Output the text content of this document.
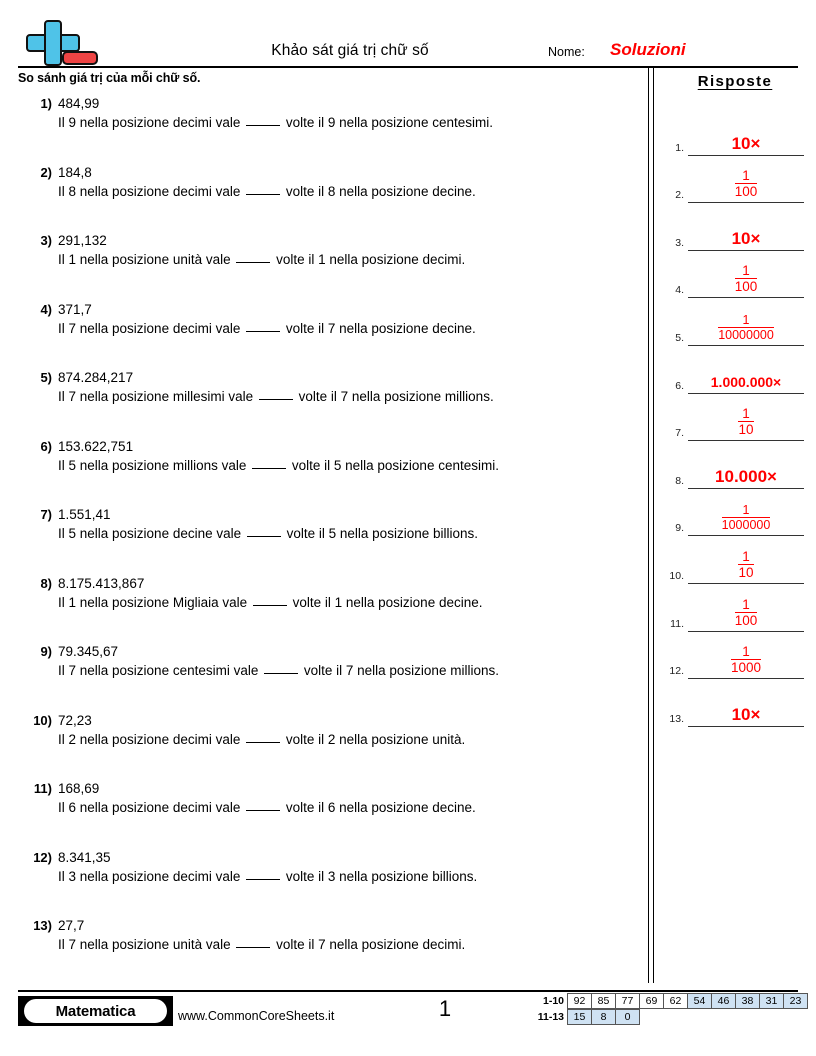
Khảo sát giá trị chữ số	Nome: Soluzioni
So sánh giá trị của mỗi chữ số.
1) 484,99
Il 9 nella posizione decimi vale	volte il 9 nella posizione centesimi.
2) 184,8
Il 8 nella posizione decimi vale	volte il 8 nella posizione decine.
3) 291,132
Il 1 nella posizione unità vale	volte il 1 nella posizione decimi.
4) 371,7
Il 7 nella posizione decimi vale	volte il 7 nella posizione decine.
5) 874.284,217
Il 7 nella posizione millesimi vale	volte il 7 nella posizione millions.
6) 153.622,751
Il 5 nella posizione millions vale	volte il 5 nella posizione centesimi.
7) 1.551,41
Il 5 nella posizione decine vale	volte il 5 nella posizione billions.
8) 8.175.413,867
Il 1 nella posizione Migliaia vale	volte il 1 nella posizione decine.
9) 79.345,67
Il 7 nella posizione centesimi vale	volte il 7 nella posizione millions.
10) 72,23
Il 2 nella posizione decimi vale	volte il 2 nella posizione unità.
11) 168,69
Il 6 nella posizione decimi vale	volte il 6 nella posizione decine.
12) 8.341,35
Il 3 nella posizione decimi vale	volte il 3 nella posizione billions.
13) 27,7
Il 7 nella posizione unità vale	volte il 7 nella posizione decimi.
Risposte
1.	10×
2.	$\frac{1}{100}$
3.	10×
4.	$\frac{1}{100}$
5.	$\frac{1}{10000000}$
6.	1.000.000×
7.	$\frac{1}{10}$
8.	10.000×
9.	$\frac{1}{1000000}$
10.	$\frac{1}{10}$
11.	$\frac{1}{100}$
12.	$\frac{1}{1000}$
13.	10×
Matematica	www.CommonCoreSheets.it	1	1-10 92	85	77	69	62	54	46	38	31	23
11-13 15	8	0
